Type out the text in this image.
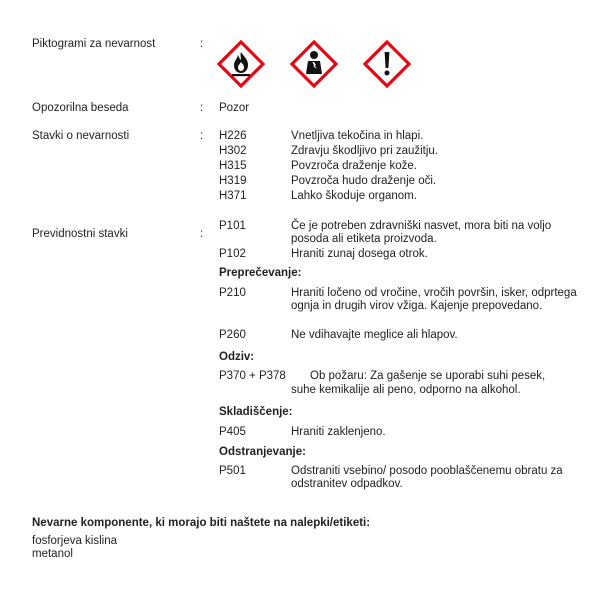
Piktogrami za nevarnost	:
Opozorilna beseda	: Pozor
Stavki o nevarnosti	: H226	Vnetljiva tekočina in hlapi.
H302	Zdravju škodljivo pri zaužitju.
H315	Povzroča draženje kože.
H319	Povzroča hudo draženje oči.
H371	Lahko škoduje organom.
Previdnostni stavki	:
P101	Če je potreben zdravniški nasvet, mora biti na voljo posoda ali etiketa proizvoda.
P102	Hraniti zunaj dosega otrok.
Preprečevanje:
P210	Hraniti ločeno od vročine, vročih površin, isker, odprtega ognja in drugih virov vžiga. Kajenje prepovedano.
P260	Ne vdihavajte meglice ali hlapov.
Odziv:
P370 + P378 Ob požaru: Za gašenje se uporabi suhi pesek,
suhe kemikalije ali peno, odporno na alkohol.
Skladiščenje:
P405	Hraniti zaklenjeno.
Odstranjevanje:
P501	Odstraniti vsebino/ posodo pooblaščenemu obratu za odstranitev odpadkov.
Nevarne komponente, ki morajo biti naštete na nalepki/etiketi:
fosforjeva kislina
metanol
